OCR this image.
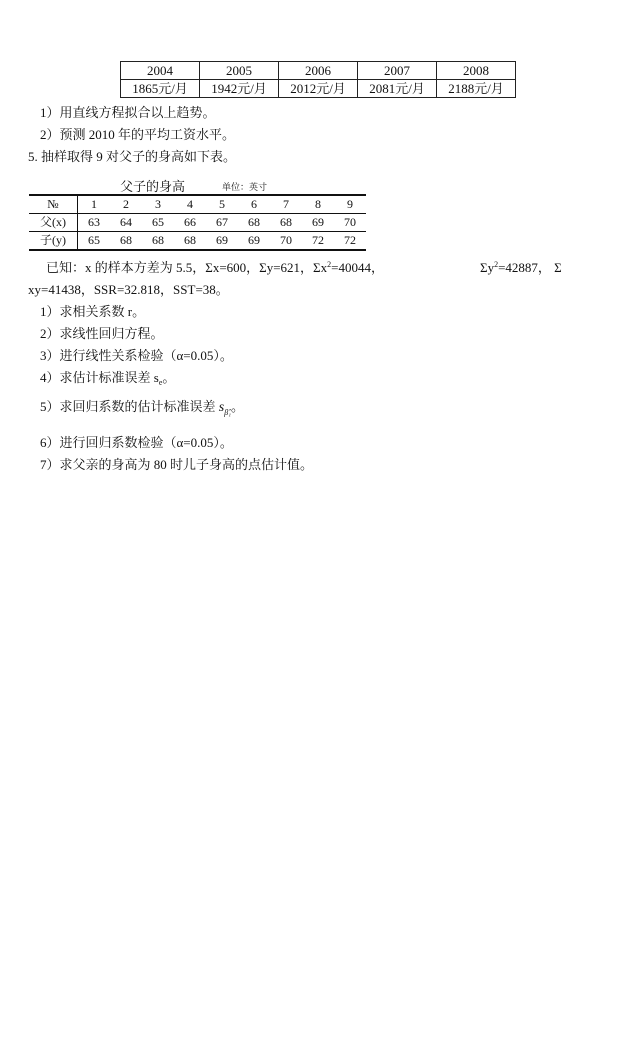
2004	2005	2006	2007	2008
1865元/月	1942元/月	2012元/月	2081元/月	2188元/月
1）用直线方程拟合以上趋势。
2）预测 2010 年的平均工资水平。
5. 抽样取得 9 对父子的身高如下表。
父子的身高	单位：英寸
№	1	2	3	4	5	6	7	8	9
父(x)	63	64	65	66	67	68	68	69	70
子(y)	65	68	68	68	69	69	70	72	72
已知：x 的样本方差为 5.5，Σx=600，Σy=621，$\Sigma x^2=40044$，	$\Sigma y^2=42887$， Σ
xy=41438，SSR=32.818，SST=38。
1）求相关系数 r。
2）求线性回归方程。
3）进行线性关系检验（α=0.05）。
4）求估计标准误差 $s_e$。
5）求回归系数的估计标准误差 $s_{\betâ_1}$。
6）进行回归系数检验（α=0.05）。
7）求父亲的身高为 80 时儿子身高的点估计值。
